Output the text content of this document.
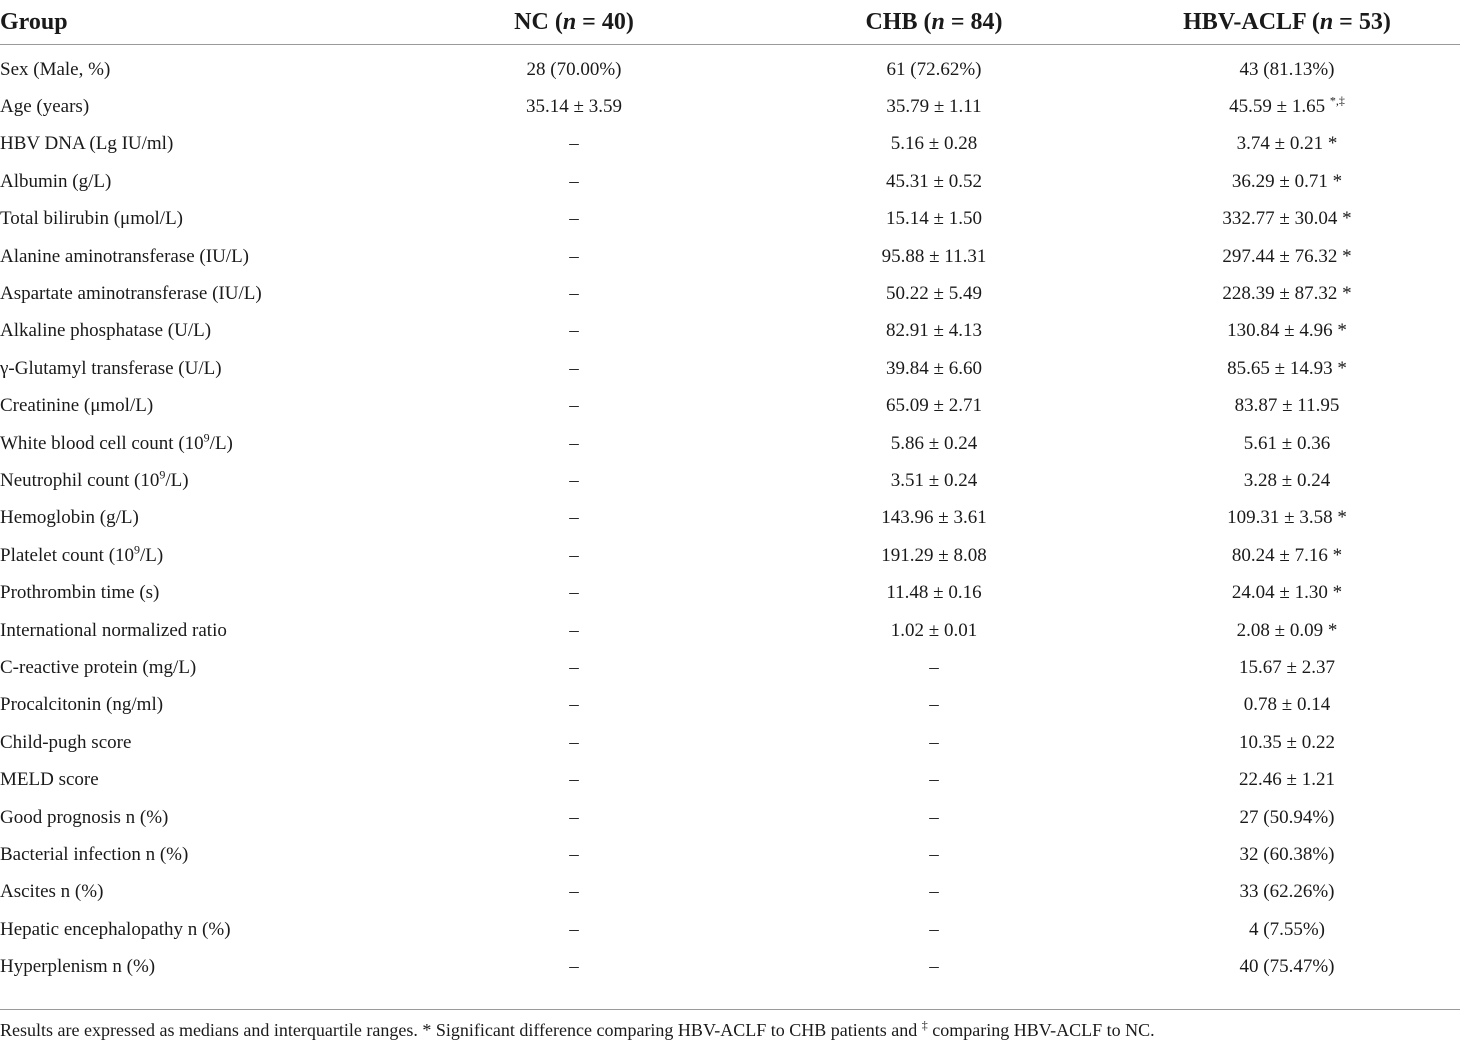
Group	NC (n = 40)	CHB (n = 84)	HBV-ACLF (n = 53)
Sex (Male, %)	28 (70.00%)	61 (72.62%)	43 (81.13%)
Age (years)	35.14 ± 3.59	35.79 ± 1.11	45.59 ± 1.65 *,‡
HBV DNA (Lg IU/ml)	–	5.16 ± 0.28	3.74 ± 0.21 *
Albumin (g/L)	–	45.31 ± 0.52	36.29 ± 0.71 *
Total bilirubin (μmol/L)	–	15.14 ± 1.50	332.77 ± 30.04 *
Alanine aminotransferase (IU/L)	–	95.88 ± 11.31	297.44 ± 76.32 *
Aspartate aminotransferase (IU/L)	–	50.22 ± 5.49	228.39 ± 87.32 *
Alkaline phosphatase (U/L)	–	82.91 ± 4.13	130.84 ± 4.96 *
γ-Glutamyl transferase (U/L)	–	39.84 ± 6.60	85.65 ± 14.93 *
Creatinine (μmol/L)	–	65.09 ± 2.71	83.87 ± 11.95
White blood cell count $(10^9/L)$	–	5.86 ± 0.24	5.61 ± 0.36
Neutrophil count $(10^9/L)$	–	3.51 ± 0.24	3.28 ± 0.24
Hemoglobin (g/L)	–	143.96 ± 3.61	109.31 ± 3.58 *
Platelet count $(10^9/L)$	–	191.29 ± 8.08	80.24 ± 7.16 *
Prothrombin time (s)	–	11.48 ± 0.16	24.04 ± 1.30 *
International normalized ratio	–	1.02 ± 0.01	2.08 ± 0.09 *
C-reactive protein (mg/L)	–	–	15.67 ± 2.37
Procalcitonin (ng/ml)	–	–	0.78 ± 0.14
Child-pugh score	–	–	10.35 ± 0.22
MELD score	–	–	22.46 ± 1.21
Good prognosis n (%)	–	–	27 (50.94%)
Bacterial infection n (%)	–	–	32 (60.38%)
Ascites n (%)	–	–	33 (62.26%)
Hepatic encephalopathy n (%)	–	–	4 (7.55%)
Hyperplenism n (%)	–	–	40 (75.47%)
Results are expressed as medians and interquartile ranges. * Significant difference comparing HBV-ACLF to CHB patients and ‡ comparing HBV-ACLF to NC.
